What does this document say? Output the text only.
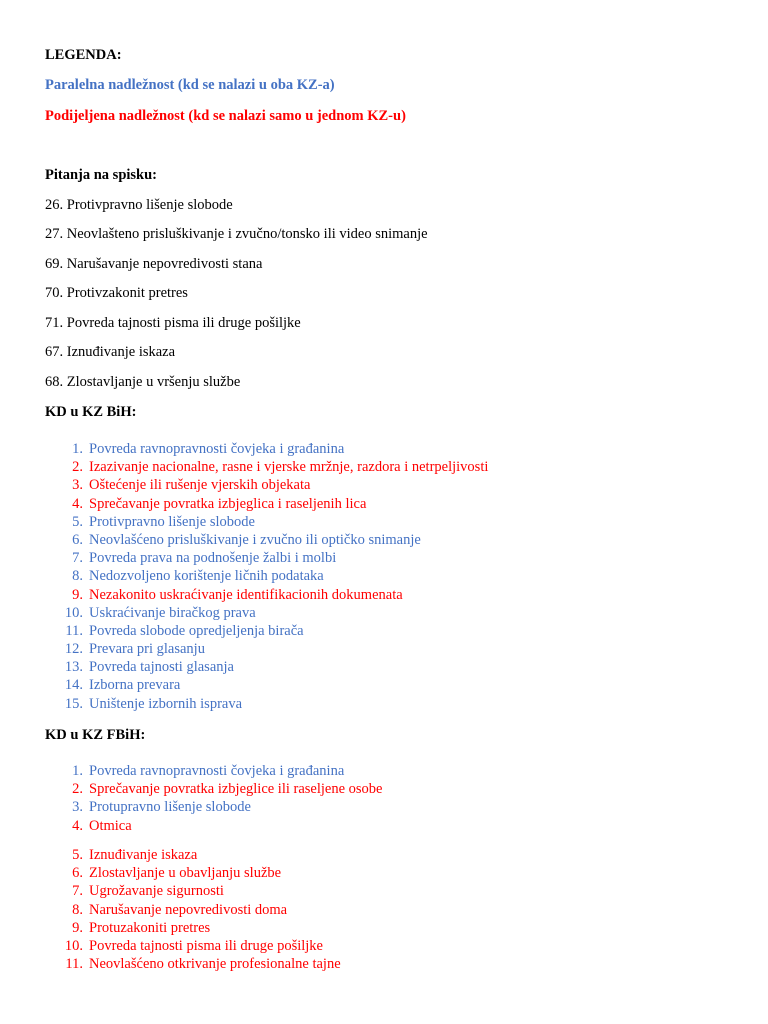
LEGENDA:
Paralelna nadležnost (kd se nalazi u oba KZ-a)
Podijeljena nadležnost (kd se nalazi samo u jednom KZ-u)
Pitanja na spisku:
26. Protivpravno lišenje slobode
27. Neovlašteno prisluškivanje i zvučno/tonsko ili video snimanje
69. Narušavanje nepovredivosti stana
70. Protivzakonit pretres
71. Povreda tajnosti pisma ili druge pošiljke
67. Iznuđivanje iskaza
68. Zlostavljanje u vršenju službe
KD u KZ BiH:
1. Povreda ravnopravnosti čovjeka i građanina
2. Izazivanje nacionalne, rasne i vjerske mržnje, razdora i netrpeljivosti
3. Oštećenje ili rušenje vjerskih objekata
4. Sprečavanje povratka izbjeglica i raseljenih lica
5. Protivpravno lišenje slobode
6. Neovlašćeno prisluškivanje i zvučno ili optičko snimanje
7. Povreda prava na podnošenje žalbi i molbi
8. Nedozvoljeno korištenje ličnih podataka
9. Nezakonito uskraćivanje identifikacionih dokumenata
10. Uskraćivanje biračkog prava
11. Povreda slobode opredjeljenja birača
12. Prevara pri glasanju
13. Povreda tajnosti glasanja
14. Izborna prevara
15. Uništenje izbornih isprava
KD u KZ FBiH:
1. Povreda ravnopravnosti čovjeka i građanina
2. Sprečavanje povratka izbjeglice ili raseljene osobe
3. Protupravno lišenje slobode
4. Otmica
5. Iznuđivanje iskaza
6. Zlostavljanje u obavljanju službe
7. Ugrožavanje sigurnosti
8. Narušavanje nepovredivosti doma
9. Protuzakoniti pretres
10. Povreda tajnosti pisma ili druge pošiljke
11. Neovlašćeno otkrivanje profesionalne tajne
